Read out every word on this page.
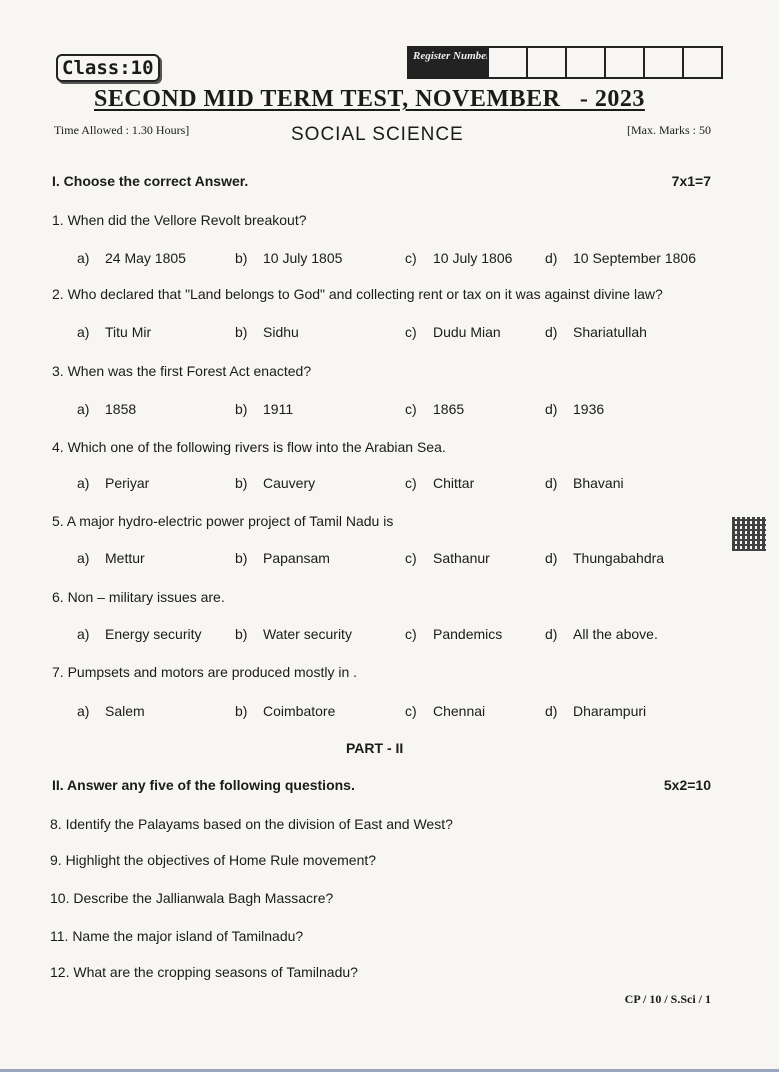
Class:10
Register Number
SECOND MID TERM TEST, NOVEMBER   - 2023
Time Allowed : 1.30 Hours]	SOCIAL SCIENCE	[Max. Marks : 50
I. Choose the correct Answer.	7x1=7
1. When did the Vellore Revolt breakout?
a) 24 May 1805	b) 10 July 1805	c) 10 July 1806 d) 10 September 1806
2. Who declared that "Land belongs to God" and collecting rent or tax on it was against divine law?
a) Titu Mir	b) Sidhu	c) Dudu Mian	d) Shariatullah
3. When was the first Forest Act enacted?
a) 1858	b) 1911	c) 1865	d) 1936
4. Which one of the following rivers is flow into the Arabian Sea.
a) Periyar	b) Cauvery	c) Chittar	d) Bhavani
5. A major hydro-electric power project of Tamil Nadu is
a) Mettur	b) Papansam	c) Sathanur	d) Thungabahdra
6. Non – military issues are.
a) Energy security b) Water security	c) Pandemics	d) All the above.
7. Pumpsets and motors are produced mostly in .
a) Salem	b) Coimbatore	c) Chennai	d) Dharampuri
PART - II
II. Answer any five of the following questions.	5x2=10
8. Identify the Palayams based on the division of East and West?
9. Highlight the objectives of Home Rule movement?
10. Describe the Jallianwala Bagh Massacre?
11. Name the major island of Tamilnadu?
12. What are the cropping seasons of Tamilnadu?
CP / 10 / S.Sci / 1
